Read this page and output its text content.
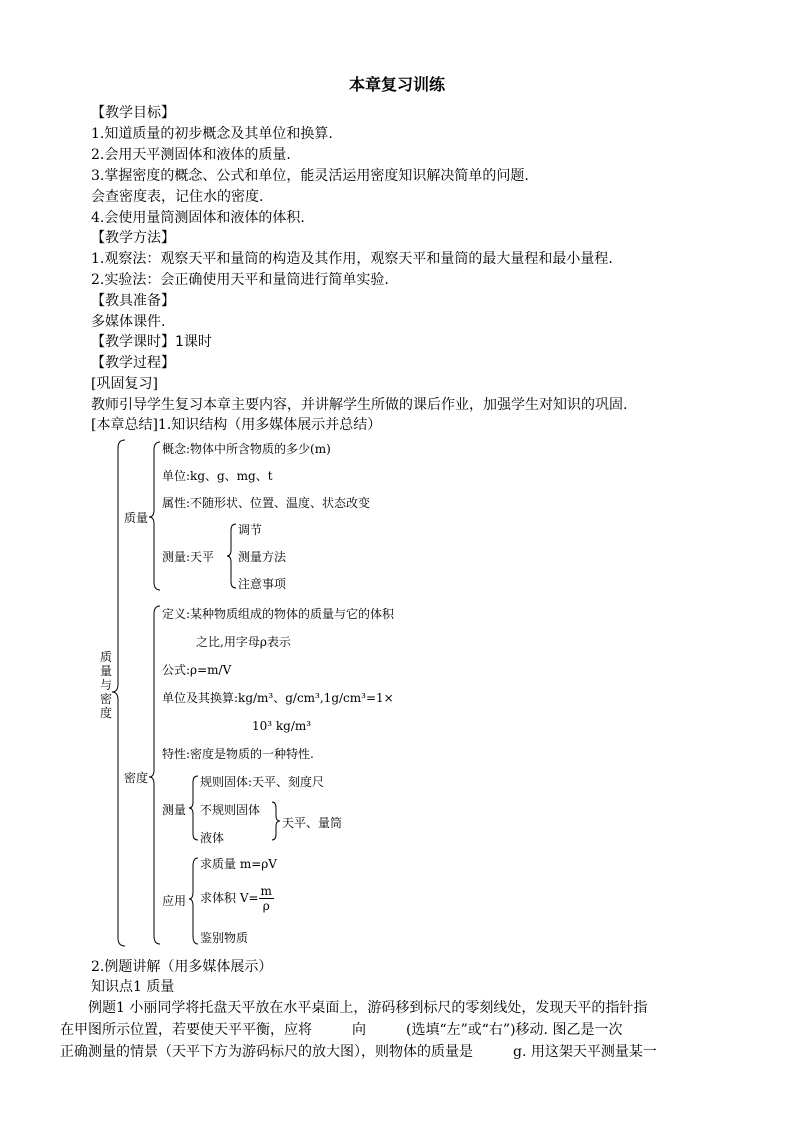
本章复习训练
【教学目标】
1.知道质量的初步概念及其单位和换算.
2.会用天平测固体和液体的质量.
3.掌握密度的概念、公式和单位，能灵活运用密度知识解决简单的问题.
会查密度表，记住水的密度.
4.会使用量筒测固体和液体的体积.
【教学方法】
1.观察法：观察天平和量筒的构造及其作用，观察天平和量筒的最大量程和最小量程.
2.实验法：会正确使用天平和量筒进行简单实验.
【教具准备】
多媒体课件.
【教学课时】1课时
【教学过程】
[巩固复习]
教师引导学生复习本章主要内容，并讲解学生所做的课后作业，加强学生对知识的巩固.
[本章总结]1.知识结构（用多媒体展示并总结）
质量与密度
质量
概念:物体中所含物质的多少(m)
单位:kg、g、mg、t
属性:不随形状、位置、温度、状态改变
测量:天平
调节
测量方法
注意事项
密度
定义:某种物质组成的物体的质量与它的体积
之比,用字母ρ表示
公式:ρ=m/V
单位及其换算:kg/m³、g/cm³,1g/cm³=1×
10³ kg/m³
特性:密度是物质的一种特性.
测量
规则固体:天平、刻度尺
不规则固体
液体
天平、量筒
应用
求质量 m=ρV
求体积 $V= \frac{m}{\rho}$
鉴别物质
2.例题讲解（用多媒体展示）
知识点1 质量
例题1 小丽同学将托盘天平放在水平桌面上，游码移到标尺的零刻线处，发现天平的指针指
在甲图所示位置，若要使天平平衡，应将	向	(选填“左”或“右”)移动. 图乙是一次
正确测量的情景（天平下方为游码标尺的放大图），则物体的质量是	g. 用这架天平测量某一
